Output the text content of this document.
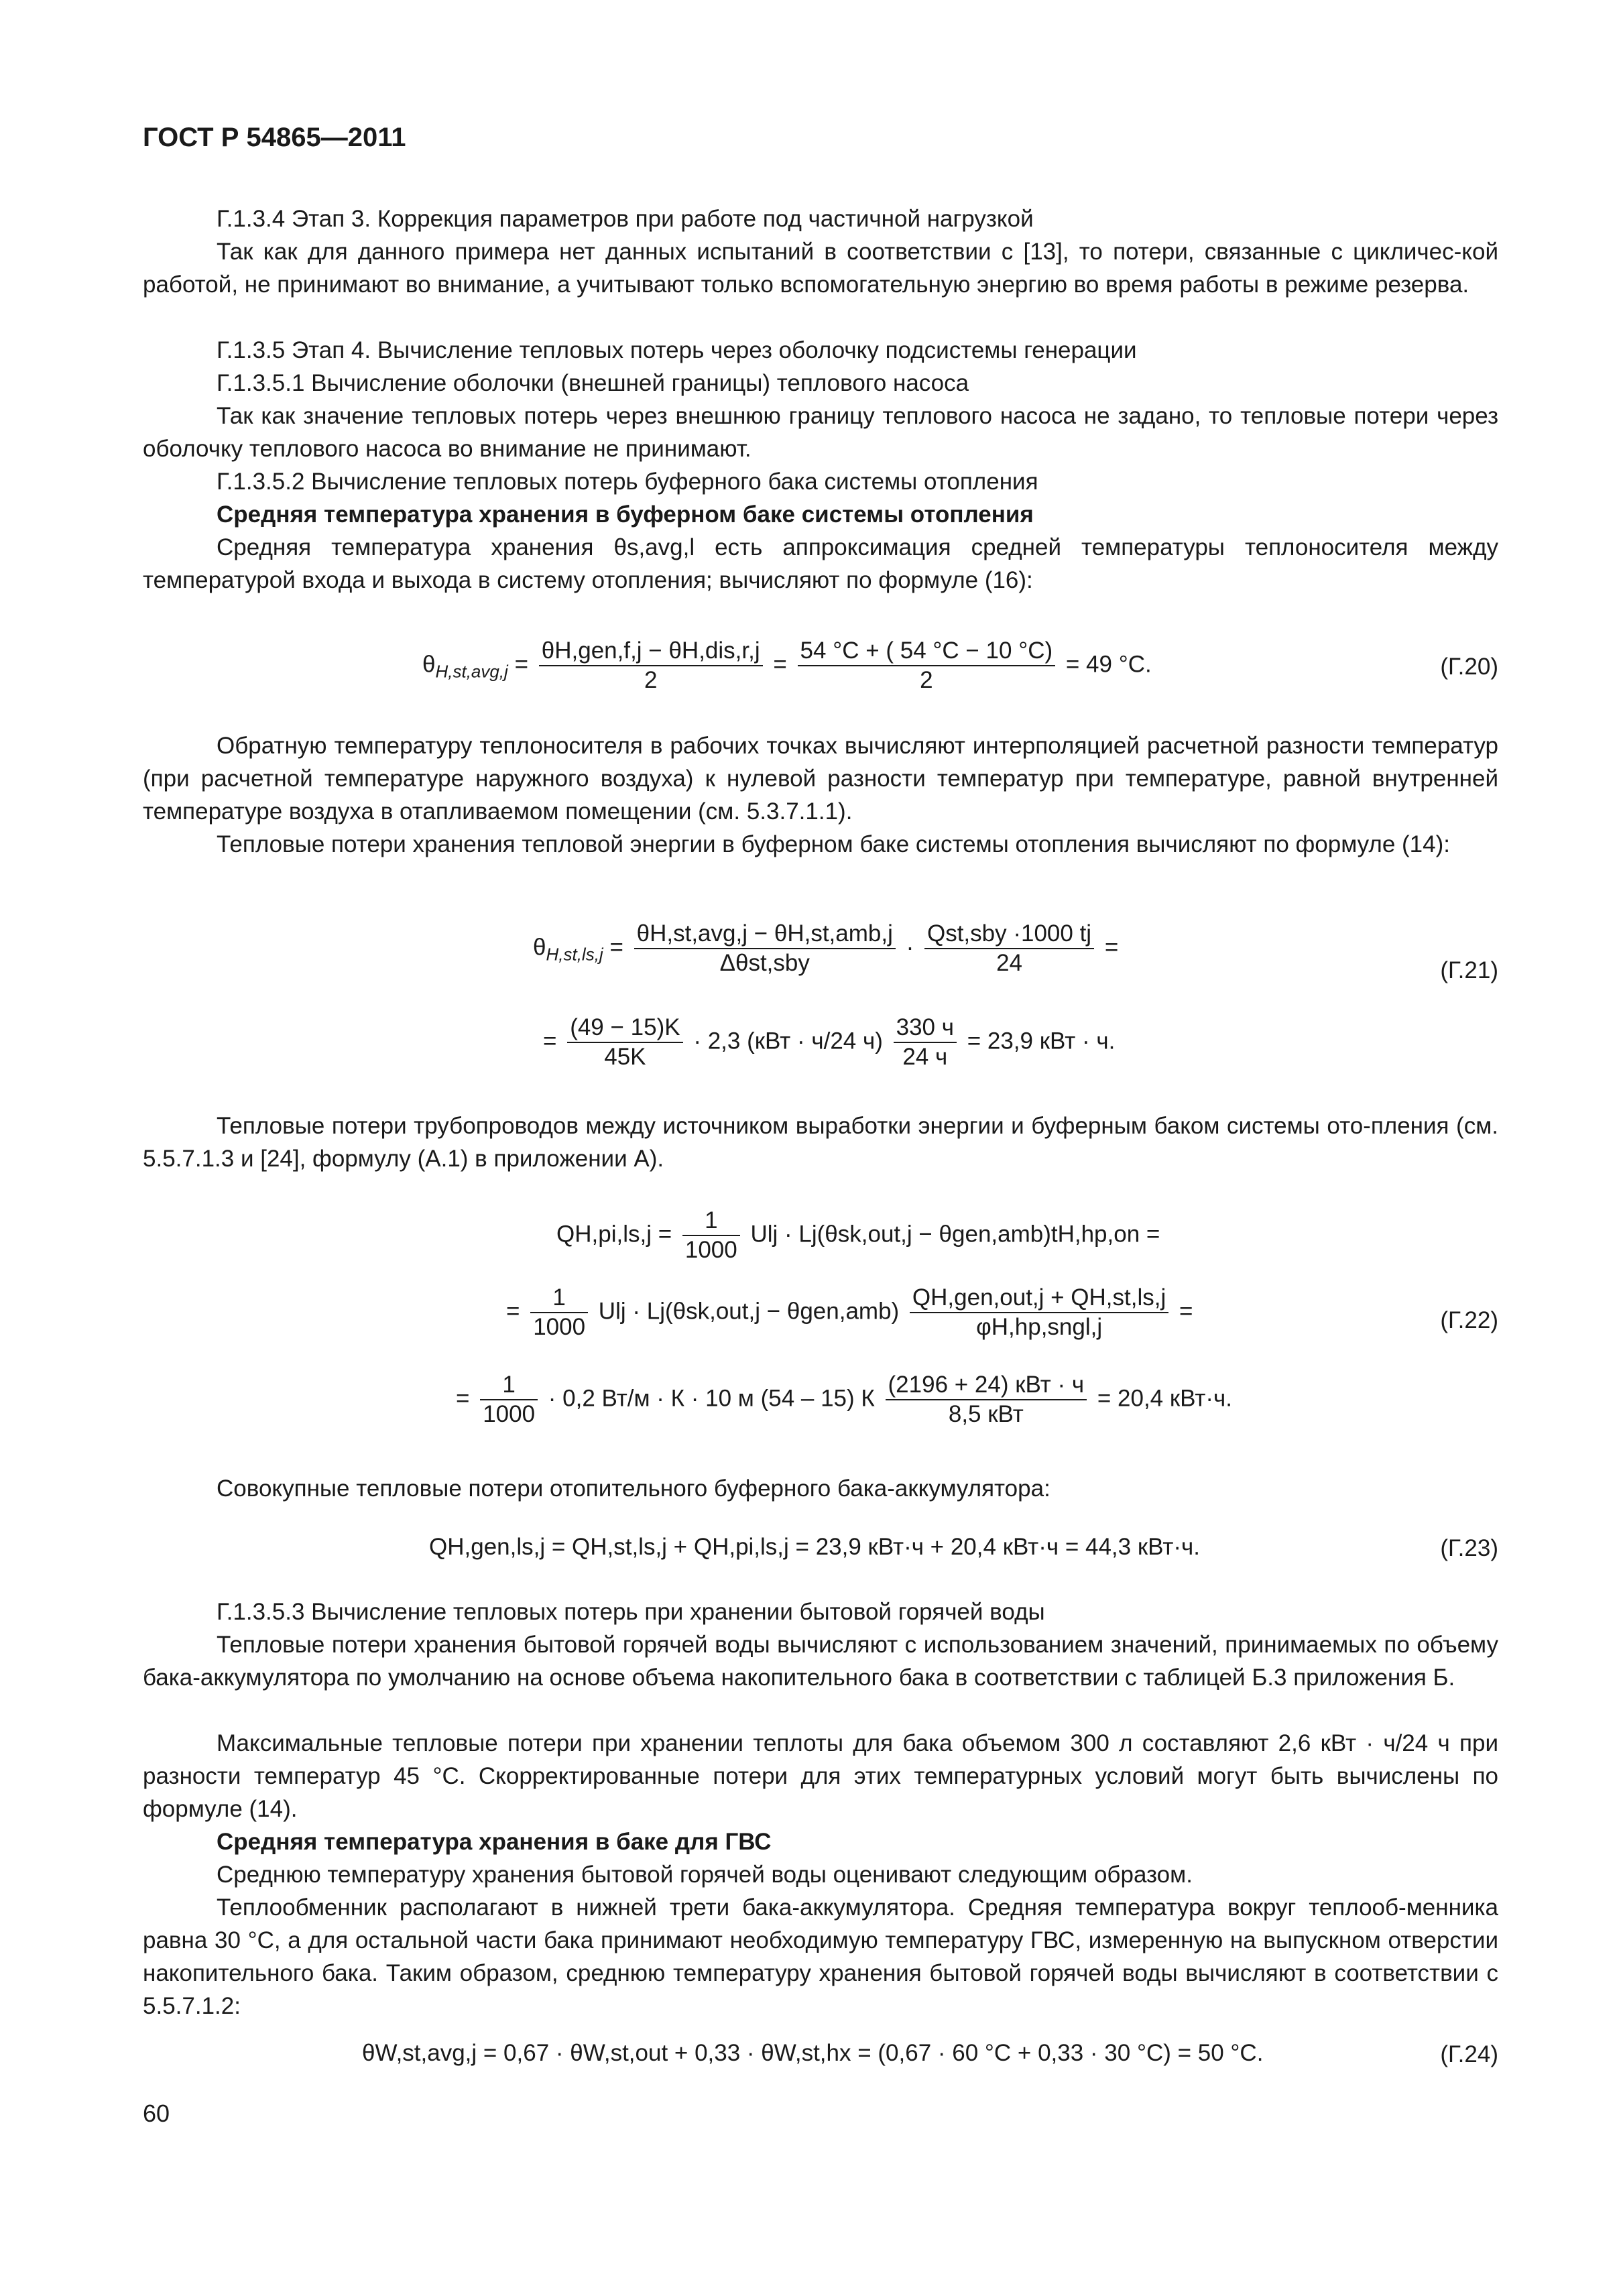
ГОСТ Р 54865—2011

Г.1.3.4 Этап 3. Коррекция параметров при работе под частичной нагрузкой

Так как для данного примера нет данных испытаний в соответствии с [13], то потери, связанные с цикличес-кой работой, не принимают во внимание, а учитывают только вспомогательную энергию во время работы в режиме резерва.

Г.1.3.5 Этап 4. Вычисление тепловых потерь через оболочку подсистемы генерации

Г.1.3.5.1 Вычисление оболочки (внешней границы) теплового насоса

Так как значение тепловых потерь через внешнюю границу теплового насоса не задано, то тепловые потери через оболочку теплового насоса во внимание не принимают.

Г.1.3.5.2 Вычисление тепловых потерь буферного бака системы отопления

Средняя температура хранения в буферном баке системы отопления

Средняя температура хранения θs,avg,l есть аппроксимация средней температуры теплоносителя между температурой входа и выхода в систему отопления; вычисляют по формуле (16):

$\theta_{H,st,avg,j} = \frac{\text{θH,gen,f,j − θH,dis,r,j}}{2} = \frac{54 ^\circ C + ( 54 ^\circ C - 10 ^\circ C)}{2} = 49$ °C.	(Г.20)

Обратную температуру теплоносителя в рабочих точках вычисляют интерполяцией расчетной разности температур (при расчетной температуре наружного воздуха) к нулевой разности температур при температуре, равной внутренней температуре воздуха в отапливаемом помещении (см. 5.3.7.1.1).

Тепловые потери хранения тепловой энергии в буферном баке системы отопления вычисляют по формуле (14):

$\theta_{H,st,ls,j} = \frac{\text{θH,st,avg,j − θH,st,amb,j}}{\text{Δθst,sby}} \cdot \frac{\text{Qst,sby ·1000 tj}}{24}$ =
(Г.21)
= $\frac{(49 - 15)K}{45K} \cdot 2,3$ (кВт · ч/24 $ч) \frac{330 ч}{24 ч} = 23,9$ кВт · ч.

Тепловые потери трубопроводов между источником выработки энергии и буферным баком системы ото-пления (см. 5.5.7.1.3 и [24], формулу (А.1) в приложении А).

$QH,pi,ls,j = \frac{1}{1000}$ Ulj · Lj(θsk,out,j − θgen,amb)tH,hp,on =
= $\frac{1}{1000}$ Ulj · $Lj(\theta sk,out,j - \theta gen,amb) \frac{\text{QH,gen,out,j + QH,st,ls,j}}{\text{φH,hp,sngl,j}}$ =	(Г.22)
= $\frac{1}{1000} \cdot 0,2$ Вт/м · К · 10 м (54 – 15) К $\frac{\text{(2196 + 24) кВт · ч}}{\text{8,5 кВт}} = 20,4$ кВт·ч.

Совокупные тепловые потери отопительного буферного бака-аккумулятора:

QH,gen,ls,j = QH,st,ls,j + QH,pi,ls,j = 23,9 кВт·ч + 20,4 кВт·ч = 44,3 кВт·ч.	(Г.23)

Г.1.3.5.3 Вычисление тепловых потерь при хранении бытовой горячей воды

Тепловые потери хранения бытовой горячей воды вычисляют с использованием значений, принимаемых по объему бака-аккумулятора по умолчанию на основе объема накопительного бака в соответствии с таблицей Б.3 приложения Б.

Максимальные тепловые потери при хранении теплоты для бака объемом 300 л составляют 2,6 кВт · ч/24 ч при разности температур 45 °С. Скорректированные потери для этих температурных условий могут быть вычислены по формуле (14).

Средняя температура хранения в баке для ГВС

Среднюю температуру хранения бытовой горячей воды оценивают следующим образом.

Теплообменник располагают в нижней трети бака-аккумулятора. Средняя температура вокруг теплооб-менника равна 30 °С, а для остальной части бака принимают необходимую температуру ГВС, измеренную на выпускном отверстии накопительного бака. Таким образом, среднюю температуру хранения бытовой горячей воды вычисляют в соответствии с 5.5.7.1.2:

θW,st,avg,j = 0,67 · θW,st,out + 0,33 · θW,st,hx = (0,67 · 60 °С + 0,33 · 30 °С) = 50 °С.	(Г.24)
60
